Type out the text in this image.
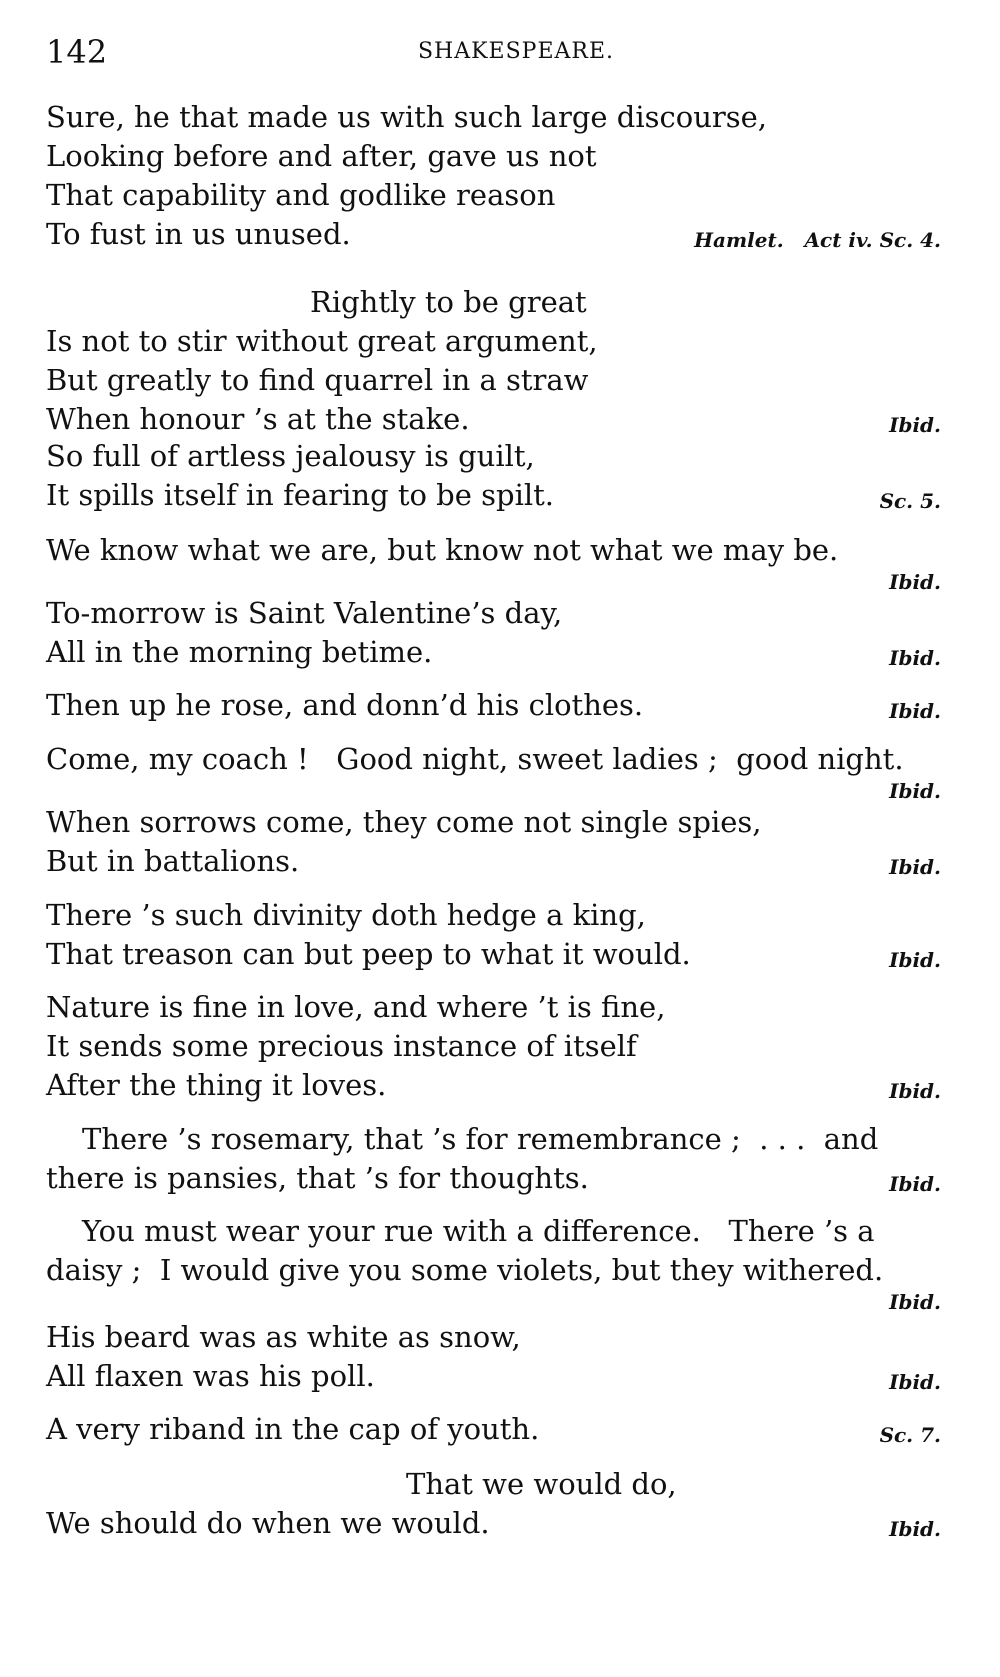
142	SHAKESPEARE.
Sure, he that made us with such large discourse,
Looking before and after, gave us not
That capability and godlike reason
To fust in us unused.	Hamlet.   Act iv. Sc. 4.
Rightly to be great
Is not to stir without great argument,
But greatly to find quarrel in a straw
When honour ’s at the stake.	Ibid.
So full of artless jealousy is guilt,
It spills itself in fearing to be spilt.	Sc. 5.
We know what we are, but know not what we may be.
Ibid.
To-morrow is Saint Valentine’s day,
All in the morning betime.	Ibid.
Then up he rose, and donn’d his clothes.	Ibid.
Come, my coach !   Good night, sweet ladies ;  good night.
Ibid.
When sorrows come, they come not single spies,
But in battalions.	Ibid.
There ’s such divinity doth hedge a king,
That treason can but peep to what it would.	Ibid.
Nature is fine in love, and where ’t is fine,
It sends some precious instance of itself
After the thing it loves.	Ibid.
There ’s rosemary, that ’s for remembrance ;  . . .  and
there is pansies, that ’s for thoughts.	Ibid.
You must wear your rue with a difference.   There ’s a
daisy ;  I would give you some violets, but they withered.
Ibid.
His beard was as white as snow,
All flaxen was his poll.	Ibid.
A very riband in the cap of youth.	Sc. 7.
That we would do,
We should do when we would.	Ibid.
